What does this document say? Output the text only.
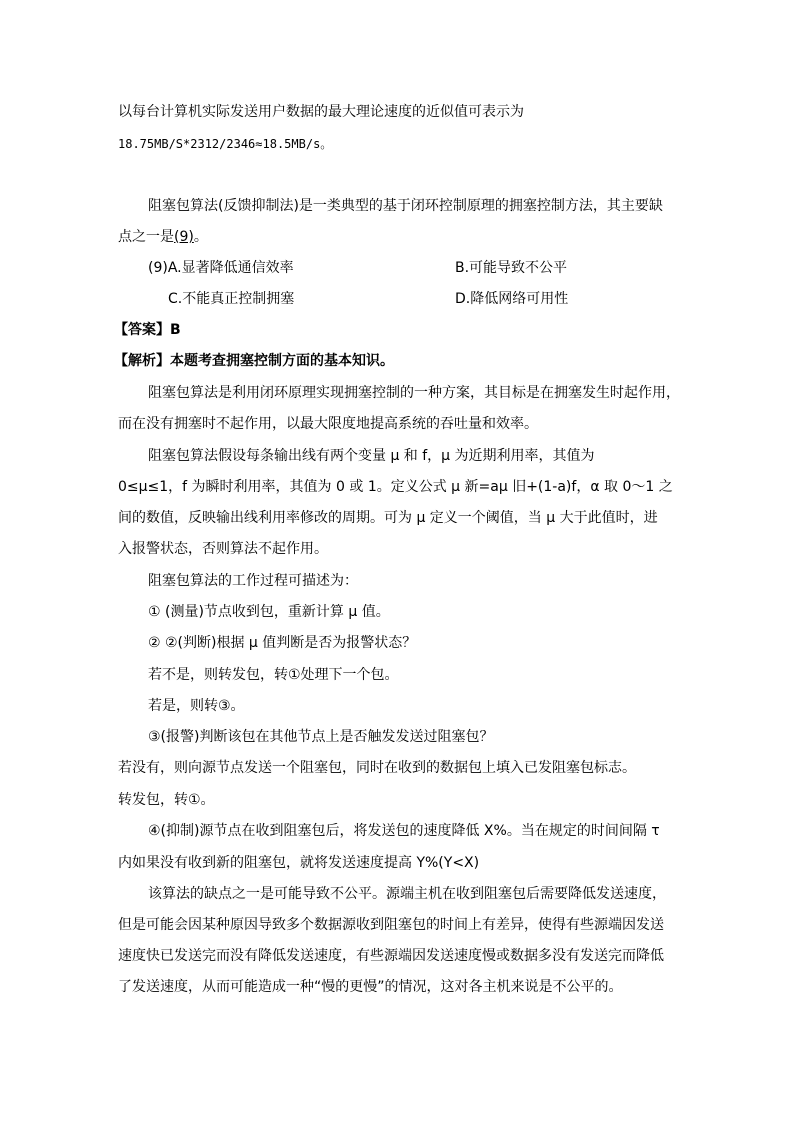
以每台计算机实际发送用户数据的最大理论速度的近似值可表示为
18.75MB/S*2312/2346≈18.5MB/s。
阻塞包算法(反馈抑制法)是一类典型的基于闭环控制原理的拥塞控制方法，其主要缺
点之一是(9)。
(9)A.显著降低通信效率	B.可能导致不公平
C.不能真正控制拥塞	D.降低网络可用性
【答案】B
【解析】本题考查拥塞控制方面的基本知识。
阻塞包算法是利用闭环原理实现拥塞控制的一种方案，其目标是在拥塞发生时起作用，
而在没有拥塞时不起作用，以最大限度地提高系统的吞吐量和效率。
阻塞包算法假设每条输出线有两个变量 μ 和 f，μ 为近期利用率，其值为
0≤μ≤1，f 为瞬时利用率，其值为 0 或 1。定义公式 μ 新=aμ 旧+(1-a)f，α 取 0～1 之
间的数值，反映输出线利用率修改的周期。可为 μ 定义一个阈值，当 μ 大于此值时，进
入报警状态，否则算法不起作用。
阻塞包算法的工作过程可描述为：
① (测量)节点收到包，重新计算 μ 值。
② ②(判断)根据 μ 值判断是否为报警状态？
若不是，则转发包，转①处理下一个包。
若是，则转③。
③(报警)判断该包在其他节点上是否触发发送过阻塞包？
若没有，则向源节点发送一个阻塞包，同时在收到的数据包上填入已发阻塞包标志。
转发包，转①。
④(抑制)源节点在收到阻塞包后，将发送包的速度降低 X%。当在规定的时间间隔 τ
内如果没有收到新的阻塞包，就将发送速度提高 Y%(Y<X)
该算法的缺点之一是可能导致不公平。源端主机在收到阻塞包后需要降低发送速度，
但是可能会因某种原因导致多个数据源收到阻塞包的时间上有差异，使得有些源端因发送
速度快已发送完而没有降低发送速度，有些源端因发送速度慢或数据多没有发送完而降低
了发送速度，从而可能造成一种“慢的更慢”的情况，这对各主机来说是不公平的。
